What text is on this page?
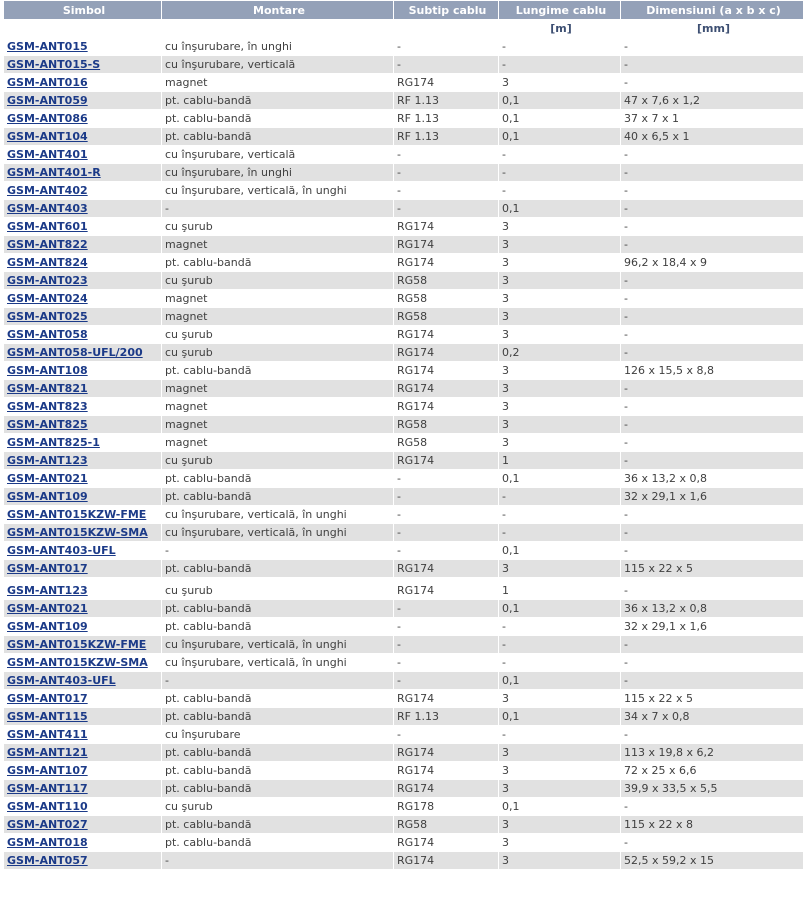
Simbol	Montare	Subtip cablu	Lungime cablu	Dimensiuni (a x b x c)
			[m]	[mm]
GSM-ANT015	cu înşurubare, în unghi	-	-	-
GSM-ANT015-S	cu înşurubare, verticală	-	-	-
GSM-ANT016	magnet	RG174	3	-
GSM-ANT059	pt. cablu-bandă	RF 1.13	0,1	47 x 7,6 x 1,2
GSM-ANT086	pt. cablu-bandă	RF 1.13	0,1	37 x 7 x 1
GSM-ANT104	pt. cablu-bandă	RF 1.13	0,1	40 x 6,5 x 1
GSM-ANT401	cu înşurubare, verticală	-	-	-
GSM-ANT401-R	cu înşurubare, în unghi	-	-	-
GSM-ANT402	cu înşurubare, verticală, în unghi	-	-	-
GSM-ANT403	-	-	0,1	-
GSM-ANT601	cu şurub	RG174	3	-
GSM-ANT822	magnet	RG174	3	-
GSM-ANT824	pt. cablu-bandă	RG174	3	96,2 x 18,4 x 9
GSM-ANT023	cu şurub	RG58	3	-
GSM-ANT024	magnet	RG58	3	-
GSM-ANT025	magnet	RG58	3	-
GSM-ANT058	cu şurub	RG174	3	-
GSM-ANT058-UFL/200	cu şurub	RG174	0,2	-
GSM-ANT108	pt. cablu-bandă	RG174	3	126 x 15,5 x 8,8
GSM-ANT821	magnet	RG174	3	-
GSM-ANT823	magnet	RG174	3	-
GSM-ANT825	magnet	RG58	3	-
GSM-ANT825-1	magnet	RG58	3	-
GSM-ANT123	cu şurub	RG174	1	-
GSM-ANT021	pt. cablu-bandă	-	0,1	36 x 13,2 x 0,8
GSM-ANT109	pt. cablu-bandă	-	-	32 x 29,1 x 1,6
GSM-ANT015KZW-FME	cu înşurubare, verticală, în unghi	-	-	-
GSM-ANT015KZW-SMA	cu înşurubare, verticală, în unghi	-	-	-
GSM-ANT403-UFL	-	-	0,1	-
GSM-ANT017	pt. cablu-bandă	RG174	3	115 x 22 x 5

GSM-ANT123	cu şurub	RG174	1	-
GSM-ANT021	pt. cablu-bandă	-	0,1	36 x 13,2 x 0,8
GSM-ANT109	pt. cablu-bandă	-	-	32 x 29,1 x 1,6
GSM-ANT015KZW-FME	cu înşurubare, verticală, în unghi	-	-	-
GSM-ANT015KZW-SMA	cu înşurubare, verticală, în unghi	-	-	-
GSM-ANT403-UFL	-	-	0,1	-
GSM-ANT017	pt. cablu-bandă	RG174	3	115 x 22 x 5
GSM-ANT115	pt. cablu-bandă	RF 1.13	0,1	34 x 7 x 0,8
GSM-ANT411	cu înşurubare	-	-	-
GSM-ANT121	pt. cablu-bandă	RG174	3	113 x 19,8 x 6,2
GSM-ANT107	pt. cablu-bandă	RG174	3	72 x 25 x 6,6
GSM-ANT117	pt. cablu-bandă	RG174	3	39,9 x 33,5 x 5,5
GSM-ANT110	cu şurub	RG178	0,1	-
GSM-ANT027	pt. cablu-bandă	RG58	3	115 x 22 x 8
GSM-ANT018	pt. cablu-bandă	RG174	3	-
GSM-ANT057	-	RG174	3	52,5 x 59,2 x 15
